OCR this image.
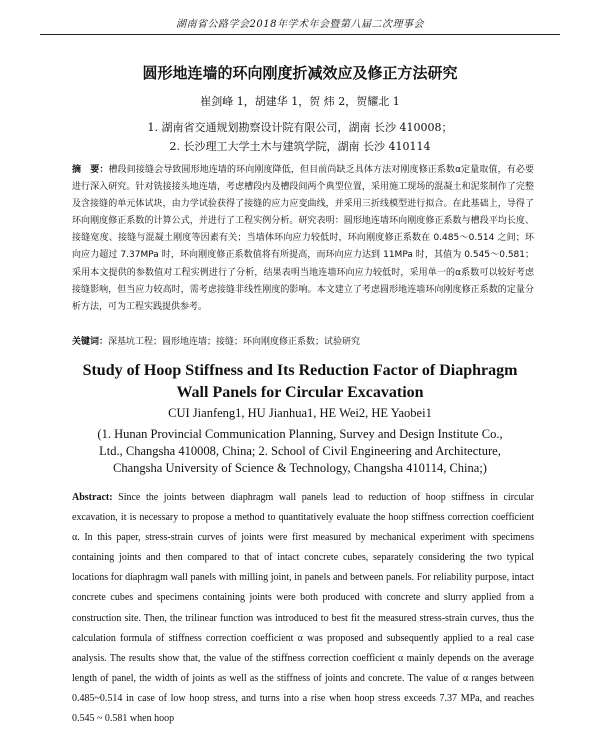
湖南省公路学会2018年学术年会暨第八届二次理事会
圆形地连墙的环向刚度折减效应及修正方法研究
崔剑峰 1，胡建华 1，贺 炜 2，贺耀北 1
1. 湖南省交通规划勘察设计院有限公司，湖南 长沙 410008；
2. 长沙理工大学土木与建筑学院，湖南 长沙 410114

摘　要：槽段间接缝会导致圆形地连墙的环向刚度降低，但目前尚缺乏具体方法对刚度修正系数α定量取值，有必要进行深入研究。针对铣接接头地连墙，考虑槽段内及槽段间两个典型位置，采用施工现场的混凝土和泥浆制作了完整及含接缝的单元体试块，由力学试验获得了接缝的应力应变曲线，并采用三折线模型进行拟合。在此基础上，导得了环向刚度修正系数的计算公式，并进行了工程实例分析。研究表明：圆形地连墙环向刚度修正系数与槽段平均长度、接缝宽度、接缝与混凝土刚度等因素有关；当墙体环向应力较低时，环向刚度修正系数在 0.485～0.514 之间；环向应力超过 7.37MPa 时，环向刚度修正系数值将有所提高，而环向应力达到 11MPa 时，其值为 0.545～0.581；采用本文提供的参数值对工程实例进行了分析，结果表明当地连墙环向应力较低时，采用单一的α系数可以较好考虑接缝影响，但当应力较高时，需考虑接缝非线性刚度的影响。本文建立了考虑圆形地连墙环向刚度修正系数的定量分析方法，可为工程实践提供参考。

关键词：深基坑工程；圆形地连墙；接缝；环向刚度修正系数；试验研究

Study of Hoop Stiffness and Its Reduction Factor of Diaphragm Wall Panels for Circular Excavation

CUI Jianfeng1, HU Jianhua1, HE Wei2, HE Yaobei1

(1. Hunan Provincial Communication Planning, Survey and Design Institute Co., Ltd., Changsha 410008, China; 2. School of Civil Engineering and Architecture, Changsha University of Science & Technology, Changsha 410114, China;)

Abstract: Since the joints between diaphragm wall panels lead to reduction of hoop stiffness in circular excavation, it is necessary to propose a method to quantitatively evaluate the hoop stiffness correction coefficient α. In this paper, stress-strain curves of joints were first measured by mechanical experiment with specimens containing joints and then compared to that of intact concrete cubes, separately considering the two typical locations for diaphragm wall panels with milling joint, in panels and between panels. For reliability purpose, intact concrete cubes and specimens containing joints were both produced with concrete and slurry applied from a construction site. Then, the trilinear function was introduced to best fit the measured stress-strain curves, thus the calculation formula of stiffness correction coefficient α was proposed and subsequently applied to a real case analysis. The results show that, the value of the stiffness correction coefficient α mainly depends on the average length of panel, the width of joints as well as the stiffness of joints and concrete. The value of α ranges between 0.485~0.514 in case of low hoop stress, and turns into a rise when hoop stress exceeds 7.37 MPa, and reaches 0.545 ~ 0.581 when hoop
